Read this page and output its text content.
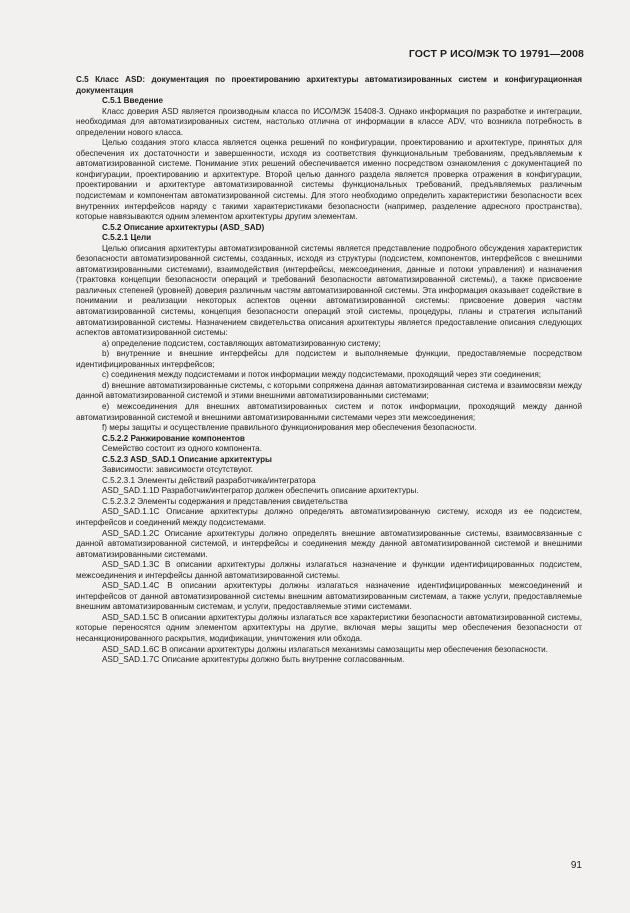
ГОСТ Р ИСО/МЭК ТО 19791—2008

C.5 Класс ASD: документация по проектированию архитектуры автоматизированных систем и конфигурационная документация

C.5.1 Введение

Класс доверия ASD является производным класса по ИСО/МЭК 15408-3. Однако информация по разработке и интеграции, необходимая для автоматизированных систем, настолько отлична от информации в классе ADV, что возникла потребность в определении нового класса.

Целью создания этого класса является оценка решений по конфигурации, проектированию и архитектуре, принятых для обеспечения их достаточности и завершенности, исходя из соответствия функциональным требованиям, предъявляемым к автоматизированной системе. Понимание этих решений обеспечивается именно посредством ознакомления с документацией по конфигурации, проектированию и архитектуре. Второй целью данного раздела является проверка отражения в конфигурации, проектировании и архитектуре автоматизированной системы функциональных требований, предъявляемых различным подсистемам и компонентам автоматизированной системы. Для этого необходимо определить характеристики безопасности всех внутренних интерфейсов наряду с такими характеристиками безопасности (например, разделение адресного пространства), которые навязываются одним элементом архитектуры другим элементам.

C.5.2 Описание архитектуры (ASD_SAD)

C.5.2.1 Цели

Целью описания архитектуры автоматизированной системы является представление подробного обсуждения характеристик безопасности автоматизированной системы, созданных, исходя из структуры (подсистем, компонентов, интерфейсов с внешними автоматизированными системами), взаимодействия (интерфейсы, межсоединения, данные и потоки управления) и назначения (трактовка концепции безопасности операций и требований безопасности автоматизированной системы), а также присвоение различных степеней (уровней) доверия различным частям автоматизированной системы. Эта информация оказывает содействие в понимании и реализации некоторых аспектов оценки автоматизированной системы: присвоение доверия частям автоматизированной системы, концепция безопасности операций этой системы, процедуры, планы и стратегия испытаний автоматизированной системы. Назначением свидетельства описания архитектуры является предоставление описания следующих аспектов автоматизированной системы:

а) определение подсистем, составляющих автоматизированную систему;

b) внутренние и внешние интерфейсы для подсистем и выполняемые функции, предоставляемые посредством идентифицированных интерфейсов;

c) соединения между подсистемами и поток информации между подсистемами, проходящий через эти соединения;

d) внешние автоматизированные системы, с которыми сопряжена данная автоматизированная система и взаимосвязи между данной автоматизированной системой и этими внешними автоматизированными системами;

e) межсоединения для внешних автоматизированных систем и поток информации, проходящий между данной автоматизированной системой и внешними автоматизированными системами через эти межсоединения;

f) меры защиты и осуществление правильного функционирования мер обеспечения безопасности.

C.5.2.2 Ранжирование компонентов

Семейство состоит из одного компонента.

C.5.2.3 ASD_SAD.1 Описание архитектуры

Зависимости: зависимости отсутствуют.

C.5.2.3.1 Элементы действий разработчика/интегратора

ASD_SAD.1.1D Разработчик/интегратор должен обеспечить описание архитектуры.

C.5.2.3.2 Элементы содержания и представления свидетельства

ASD_SAD.1.1C Описание архитектуры должно определять автоматизированную систему, исходя из ее подсистем, интерфейсов и соединений между подсистемами.

ASD_SAD.1.2C Описание архитектуры должно определять внешние автоматизированные системы, взаимосвязанные с данной автоматизированной системой, и интерфейсы и соединения между данной автоматизированной системой и внешними автоматизированными системами.

ASD_SAD.1.3C В описании архитектуры должны излагаться назначение и функции идентифицированных подсистем, межсоединения и интерфейсы данной автоматизированной системы.

ASD_SAD.1.4C В описании архитектуры должны излагаться назначение идентифицированных межсоединений и интерфейсов от данной автоматизированной системы внешним автоматизированным системам, а также услуги, предоставляемые внешним автоматизированным системам, и услуги, предоставляемые этими системами.

ASD_SAD.1.5C В описании архитектуры должны излагаться все характеристики безопасности автоматизированной системы, которые переносятся одним элементом архитектуры на другие, включая меры защиты мер обеспечения безопасности от несанкционированного раскрытия, модификации, уничтожения или обхода.

ASD_SAD.1.6C В описании архитектуры должны излагаться механизмы самозащиты мер обеспечения безопасности.

ASD_SAD.1.7C Описание архитектуры должно быть внутренне согласованным.

91
